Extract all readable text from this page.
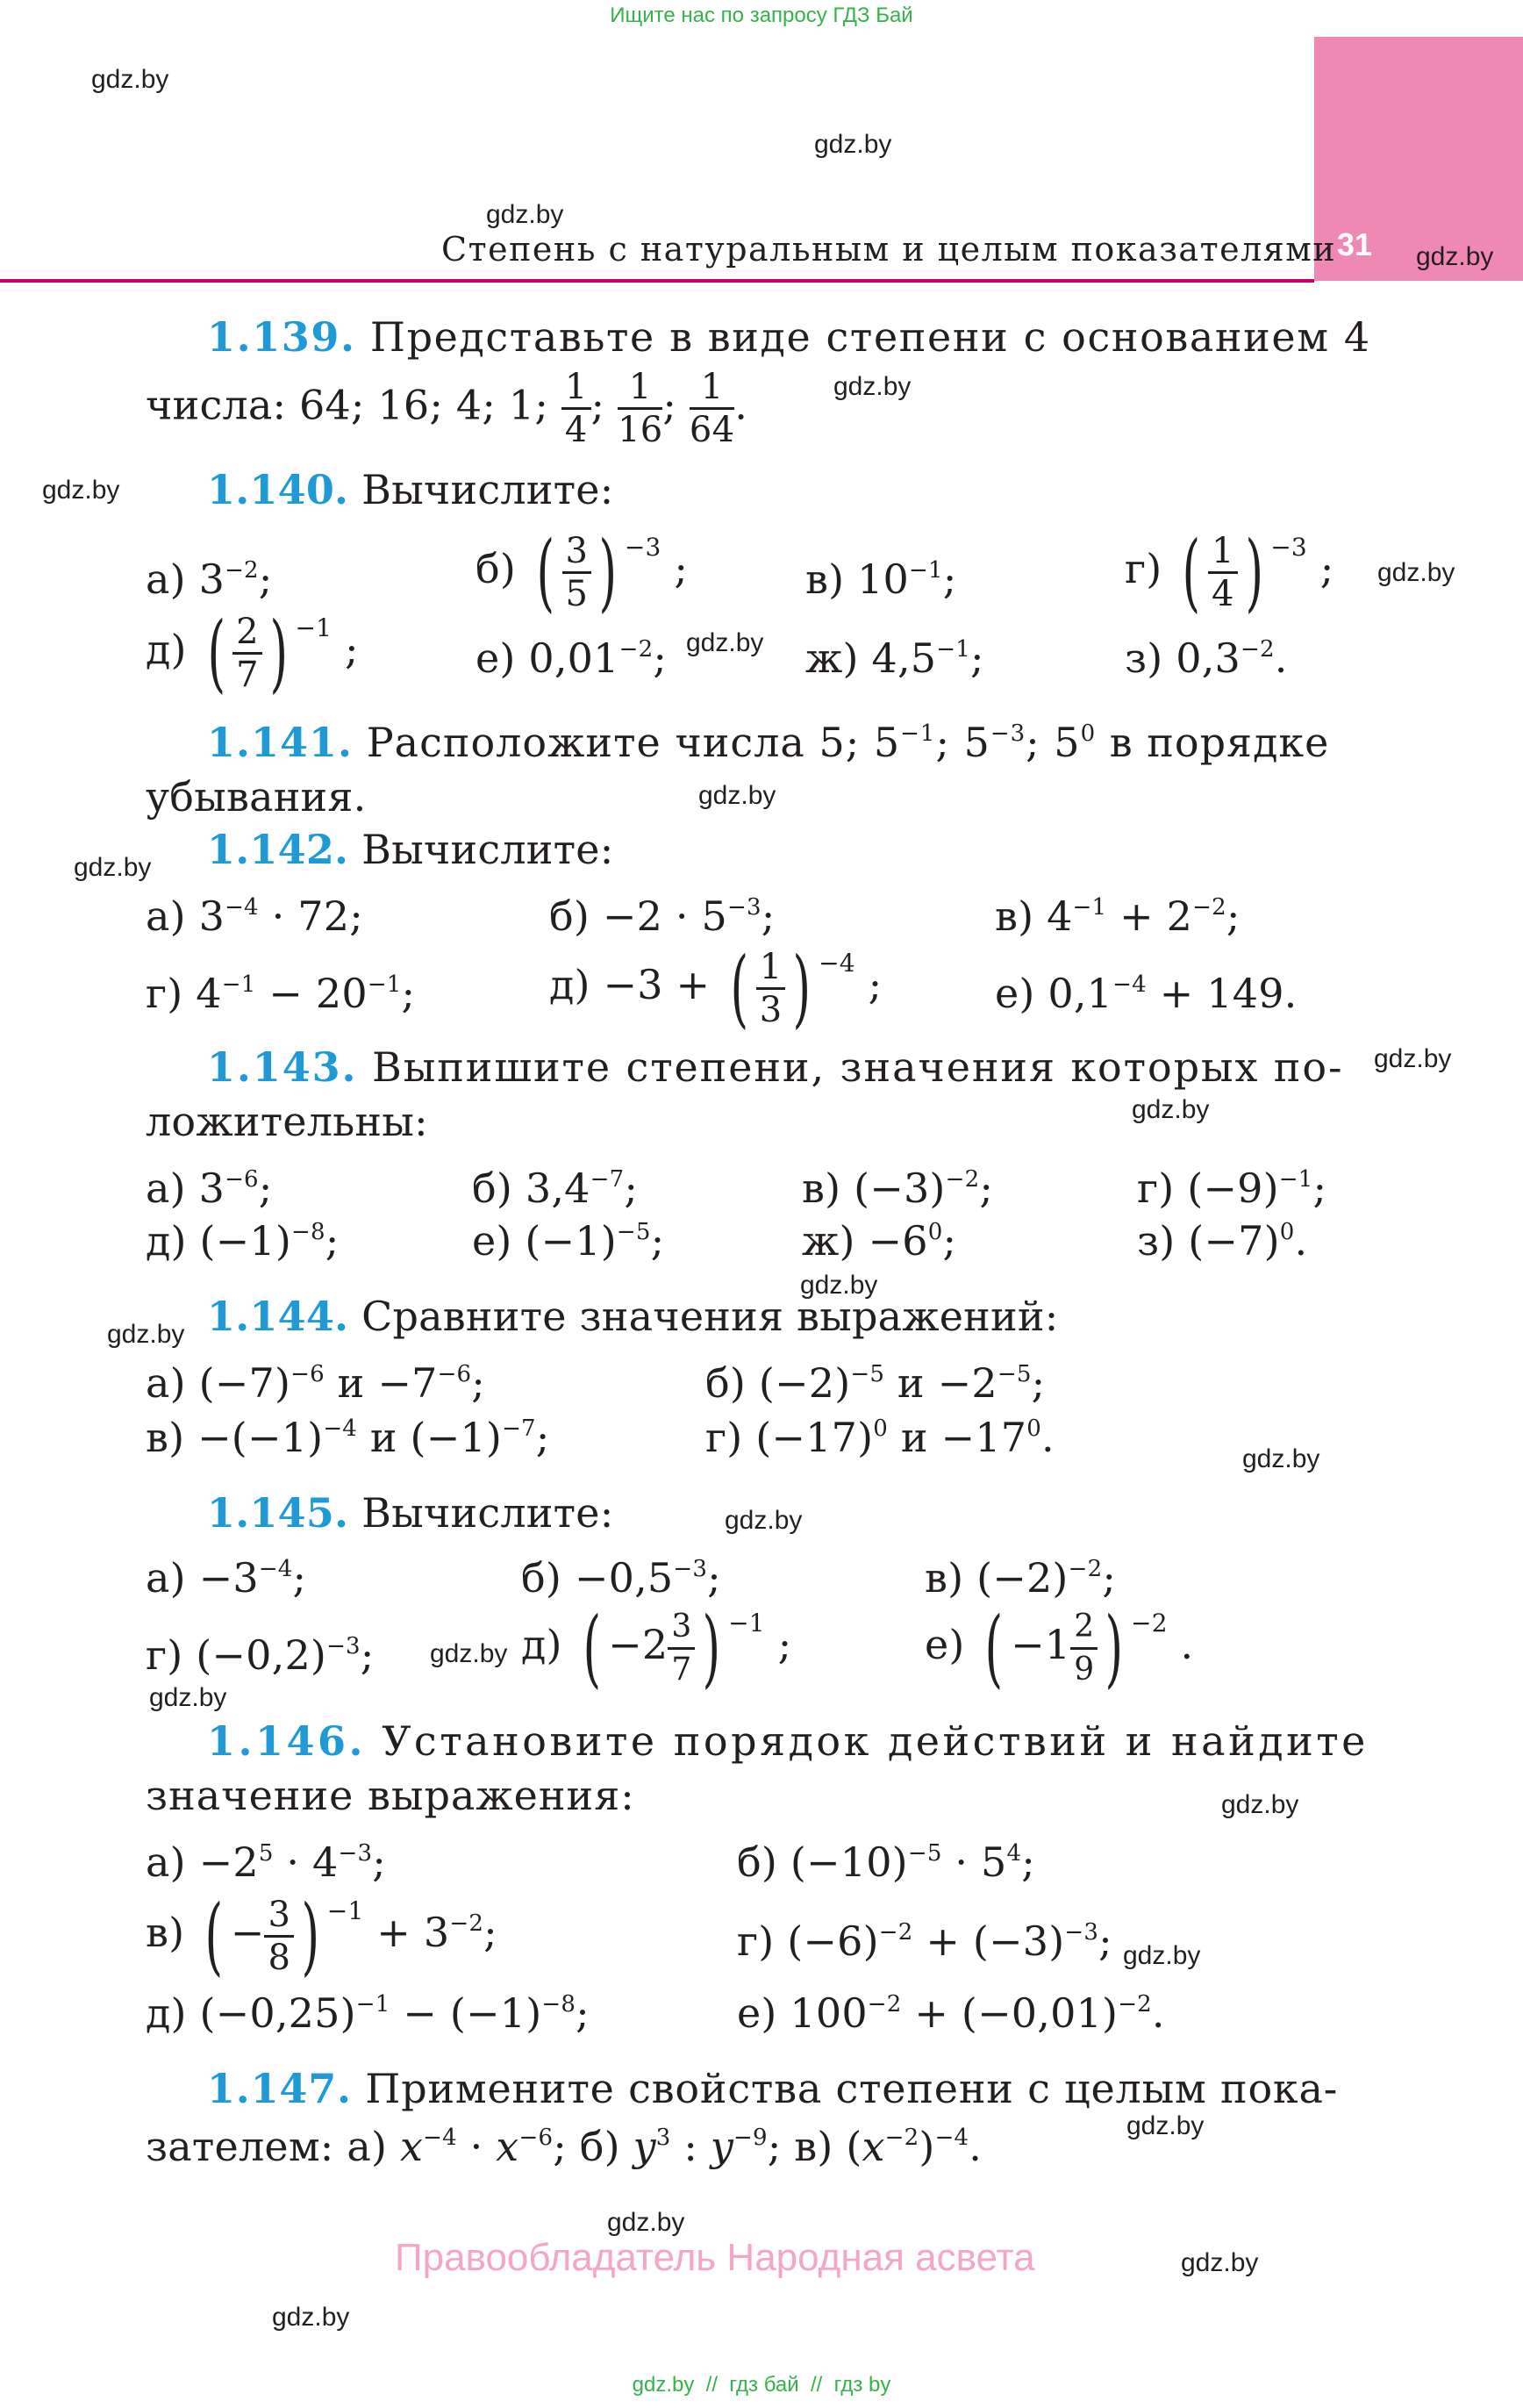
Ищите нас по запросу ГДЗ Бай
31
Степень с натуральным и целым показателями
gdz.by
gdz.by
gdz.by
gdz.by
gdz.by
gdz.by
gdz.by
gdz.by
gdz.by
gdz.by
gdz.by
gdz.by
gdz.by
gdz.by
gdz.by
gdz.by
gdz.by
gdz.by
gdz.by
gdz.by
gdz.by
gdz.by
gdz.by
gdz.by
1.139. Представьте в виде степени с основанием 4
числа: 64; 16; 4; 1; $\frac{1}{4}$ ; $\frac{1}{16}$ ; $\frac{1}{64}$ .
1.140. Вычислите:
а) $3^{-2}$;	б) ( $\frac{3}{5}$ ) −3 ;	в) $10^{-1}$;	г) ( $\frac{1}{4}$ ) −3 ;
д) ( $\frac{2}{7}$ ) −1 ;	е) $0,01^{-2}$;	ж) $4,5^{-1}$;	з) $0,3^{-2}$.
1.141. Расположите числа 5; $5^{-1}$; $5^{-3}$; $5^0$ в порядке
убывания.
1.142. Вычислите:
а) $3^{-4} \cdot 72$;	$б) -2 \cdot 5^{-3}$;	в) $4^{-1} + 2^{-2}$;
г) $4^{-1} - 20^{-1}$;	д) −3 + ( $\frac{1}{3}$ ) −4 ;	е) $0,1^{-4} + 149$.
1.143. Выпишите степени, значения которых по-
ложительны:
а) $3^{-6}$;	б) $3,4^{-7}$;	в) $(-3)^{-2}$;	г) $(-9)^{-1}$;
д) $(-1)^{-8}$;	е) $(-1)^{-5}$;	$ж) -6^0$;	з) $(-7)^0$.
1.144. Сравните значения выражений:
а) $(-7)^{-6}$ $и -7^{-6}$;	б) $(-2)^{-5}$ $и -2^{-5}$;
$в) -(-1)^{-4}$ и $(-1)^{-7}$;	г) $(-17)^0$ $и -17^0$.
1.145. Вычислите:
$а) -3^{-4}$;	$б) -0,5^{-3}$;	в) $(-2)^{-2}$;
г) $(-0,2)^{-3}$;	д) ( $-2 \frac{3}{7}$ ) −1 ;	е) ( $-1 \frac{2}{9}$ ) −2 .
1.146. Установите порядок действий и найдите
значение выражения:
$а) -2^5 \cdot 4^{-3}$;	б) $(-10)^{-5} \cdot 5^4$;
в) ( − $\frac{3}{8}$ ) $-1 + 3^{-2}$;	г) $(-6)^{-2} + (-3)^{-3}$;
д) $(-0,25)^{-1} - (-1)^{-8}$;	е) $100^{-2} + (-0,01)^{-2}$.
1.147. Примените свойства степени с целым пока-
зателем: а) $x^{-4} \cdot x^{-6}$; б) $y^3$ : $y^{-9}$; в) $(x^{-2})^{-4}$.
Правообладатель Народная асвета
gdz.by  //  гдз бай  //  гдз by
